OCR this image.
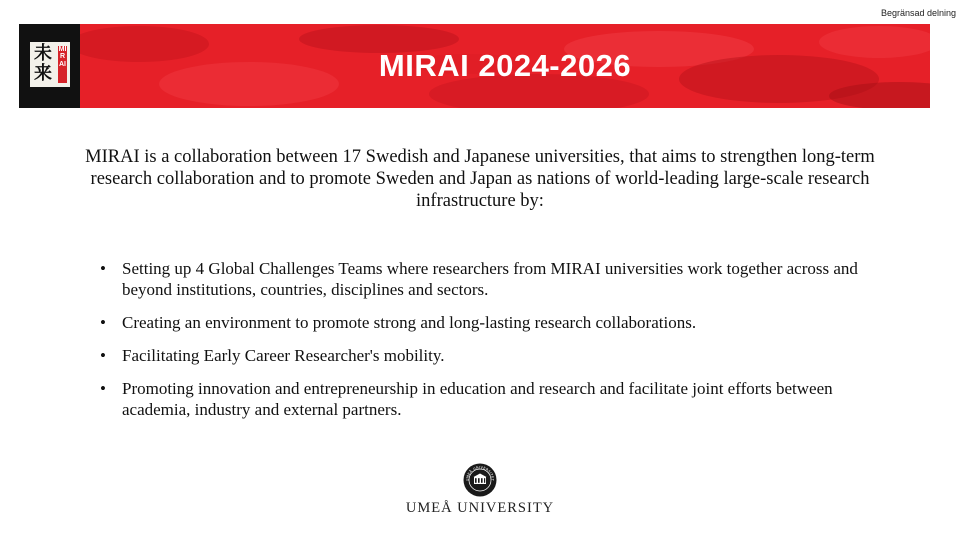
Begränsad delning
未来
MIRAI	MIRAI 2024-2026
MIRAI is a collaboration between 17 Swedish and Japanese universities, that aims to strengthen long-term research collaboration and to promote Sweden and Japan as nations of world-leading large-scale research infrastructure by:
• Setting up 4 Global Challenges Teams where researchers from MIRAI universities work together across and beyond institutions, countries, disciplines and sectors.
• Creating an environment to promote strong and long-lasting research collaborations.
• Facilitating Early Career Researcher's mobility.
• Promoting innovation and entrepreneurship in education and research and facilitate joint efforts between academia, industry and external partners.
UMEÅ UNIVERSITET
UMEÅ UNIVERSITY
